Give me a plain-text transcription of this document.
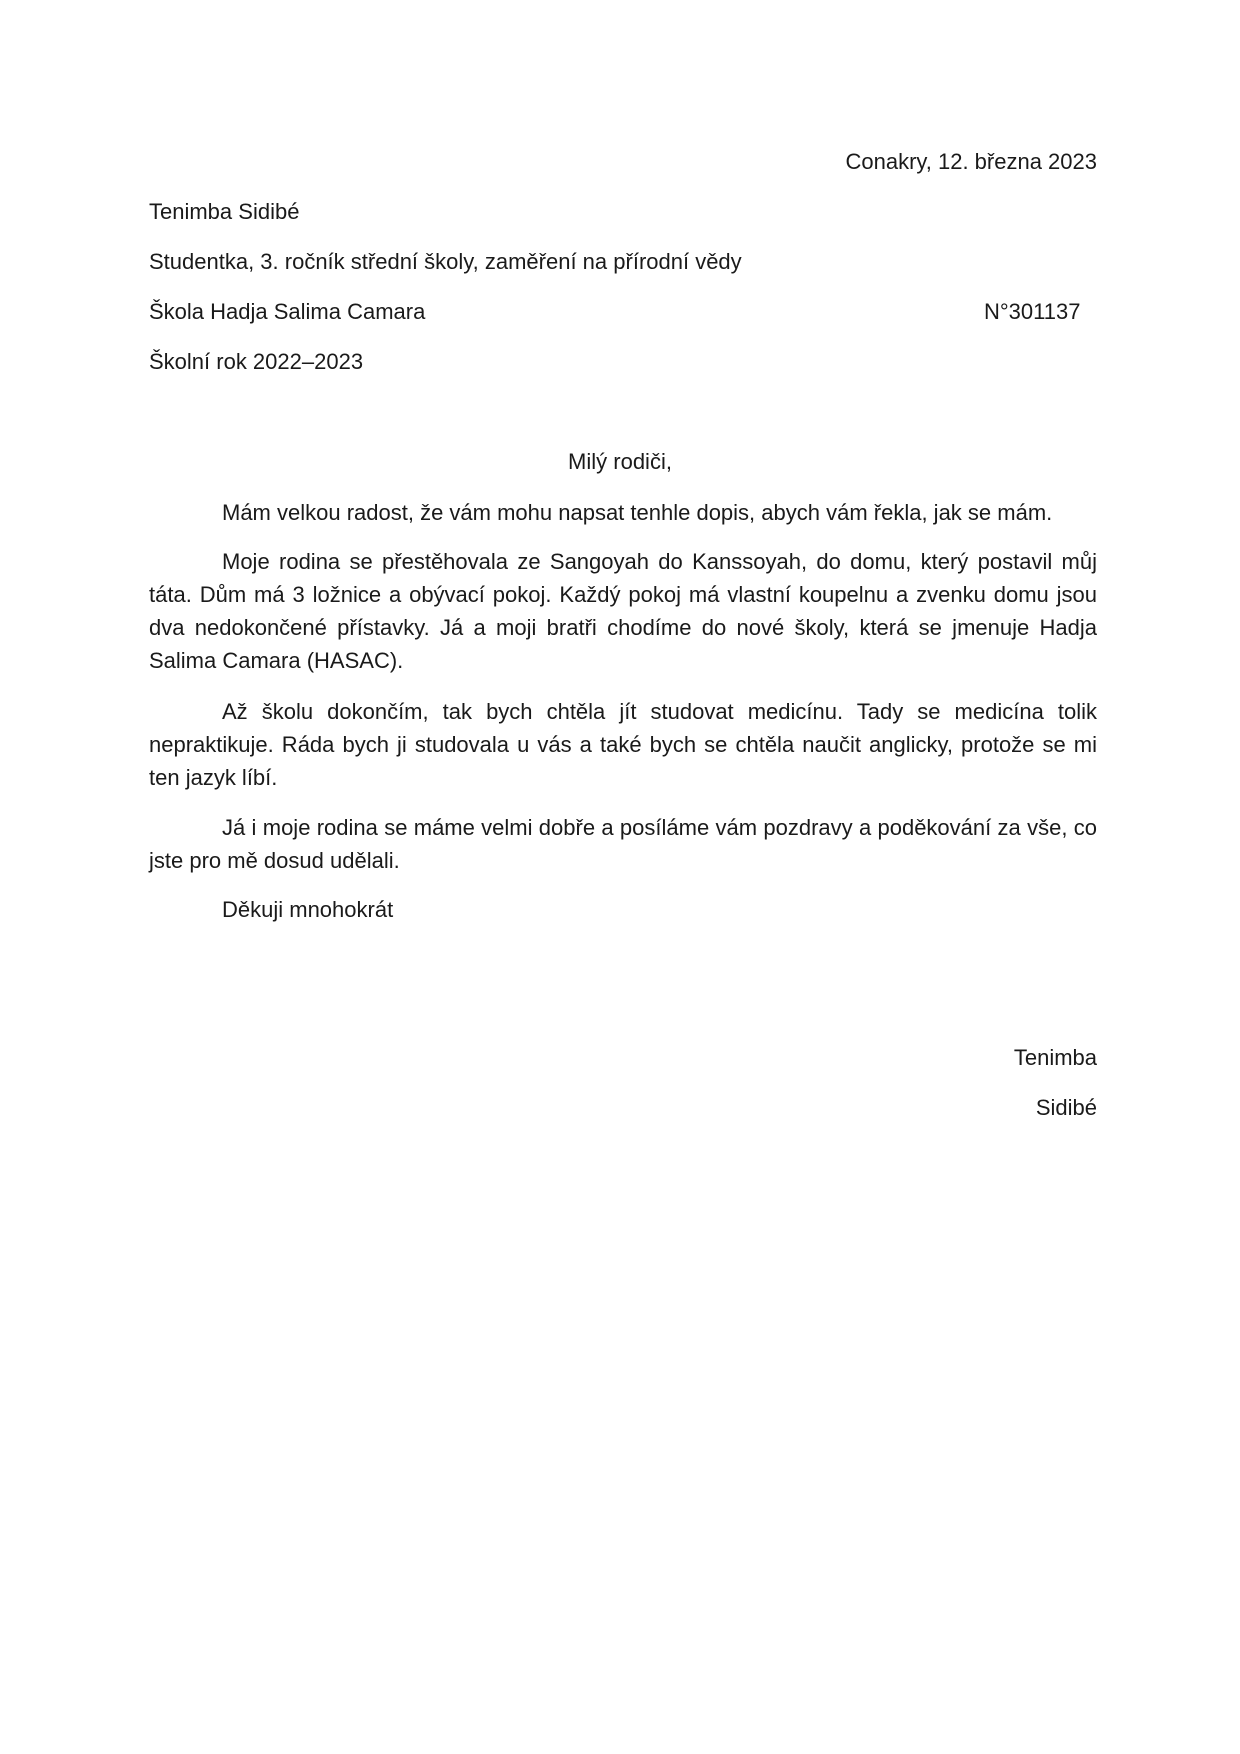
Conakry, 12. března 2023
Tenimba Sidibé
Studentka, 3. ročník střední školy, zaměření na přírodní vědy
Škola Hadja Salima Camara	N°301137
Školní rok 2022–2023
Milý rodiči,
Mám velkou radost, že vám mohu napsat tenhle dopis, abych vám řekla, jak se mám.
Moje rodina se přestěhovala ze Sangoyah do Kanssoyah, do domu, který postavil můj táta. Dům má 3 ložnice a obývací pokoj. Každý pokoj má vlastní koupelnu a zvenku domu jsou dva nedokončené přístavky. Já a moji bratři chodíme do nové školy, která se jmenuje Hadja Salima Camara (HASAC).
Až školu dokončím, tak bych chtěla jít studovat medicínu. Tady se medicína tolik nepraktikuje. Ráda bych ji studovala u vás a také bych se chtěla naučit anglicky, protože se mi ten jazyk líbí.
Já i moje rodina se máme velmi dobře a posíláme vám pozdravy a poděkování za vše, co jste pro mě dosud udělali.
Děkuji mnohokrát
Tenimba
Sidibé
